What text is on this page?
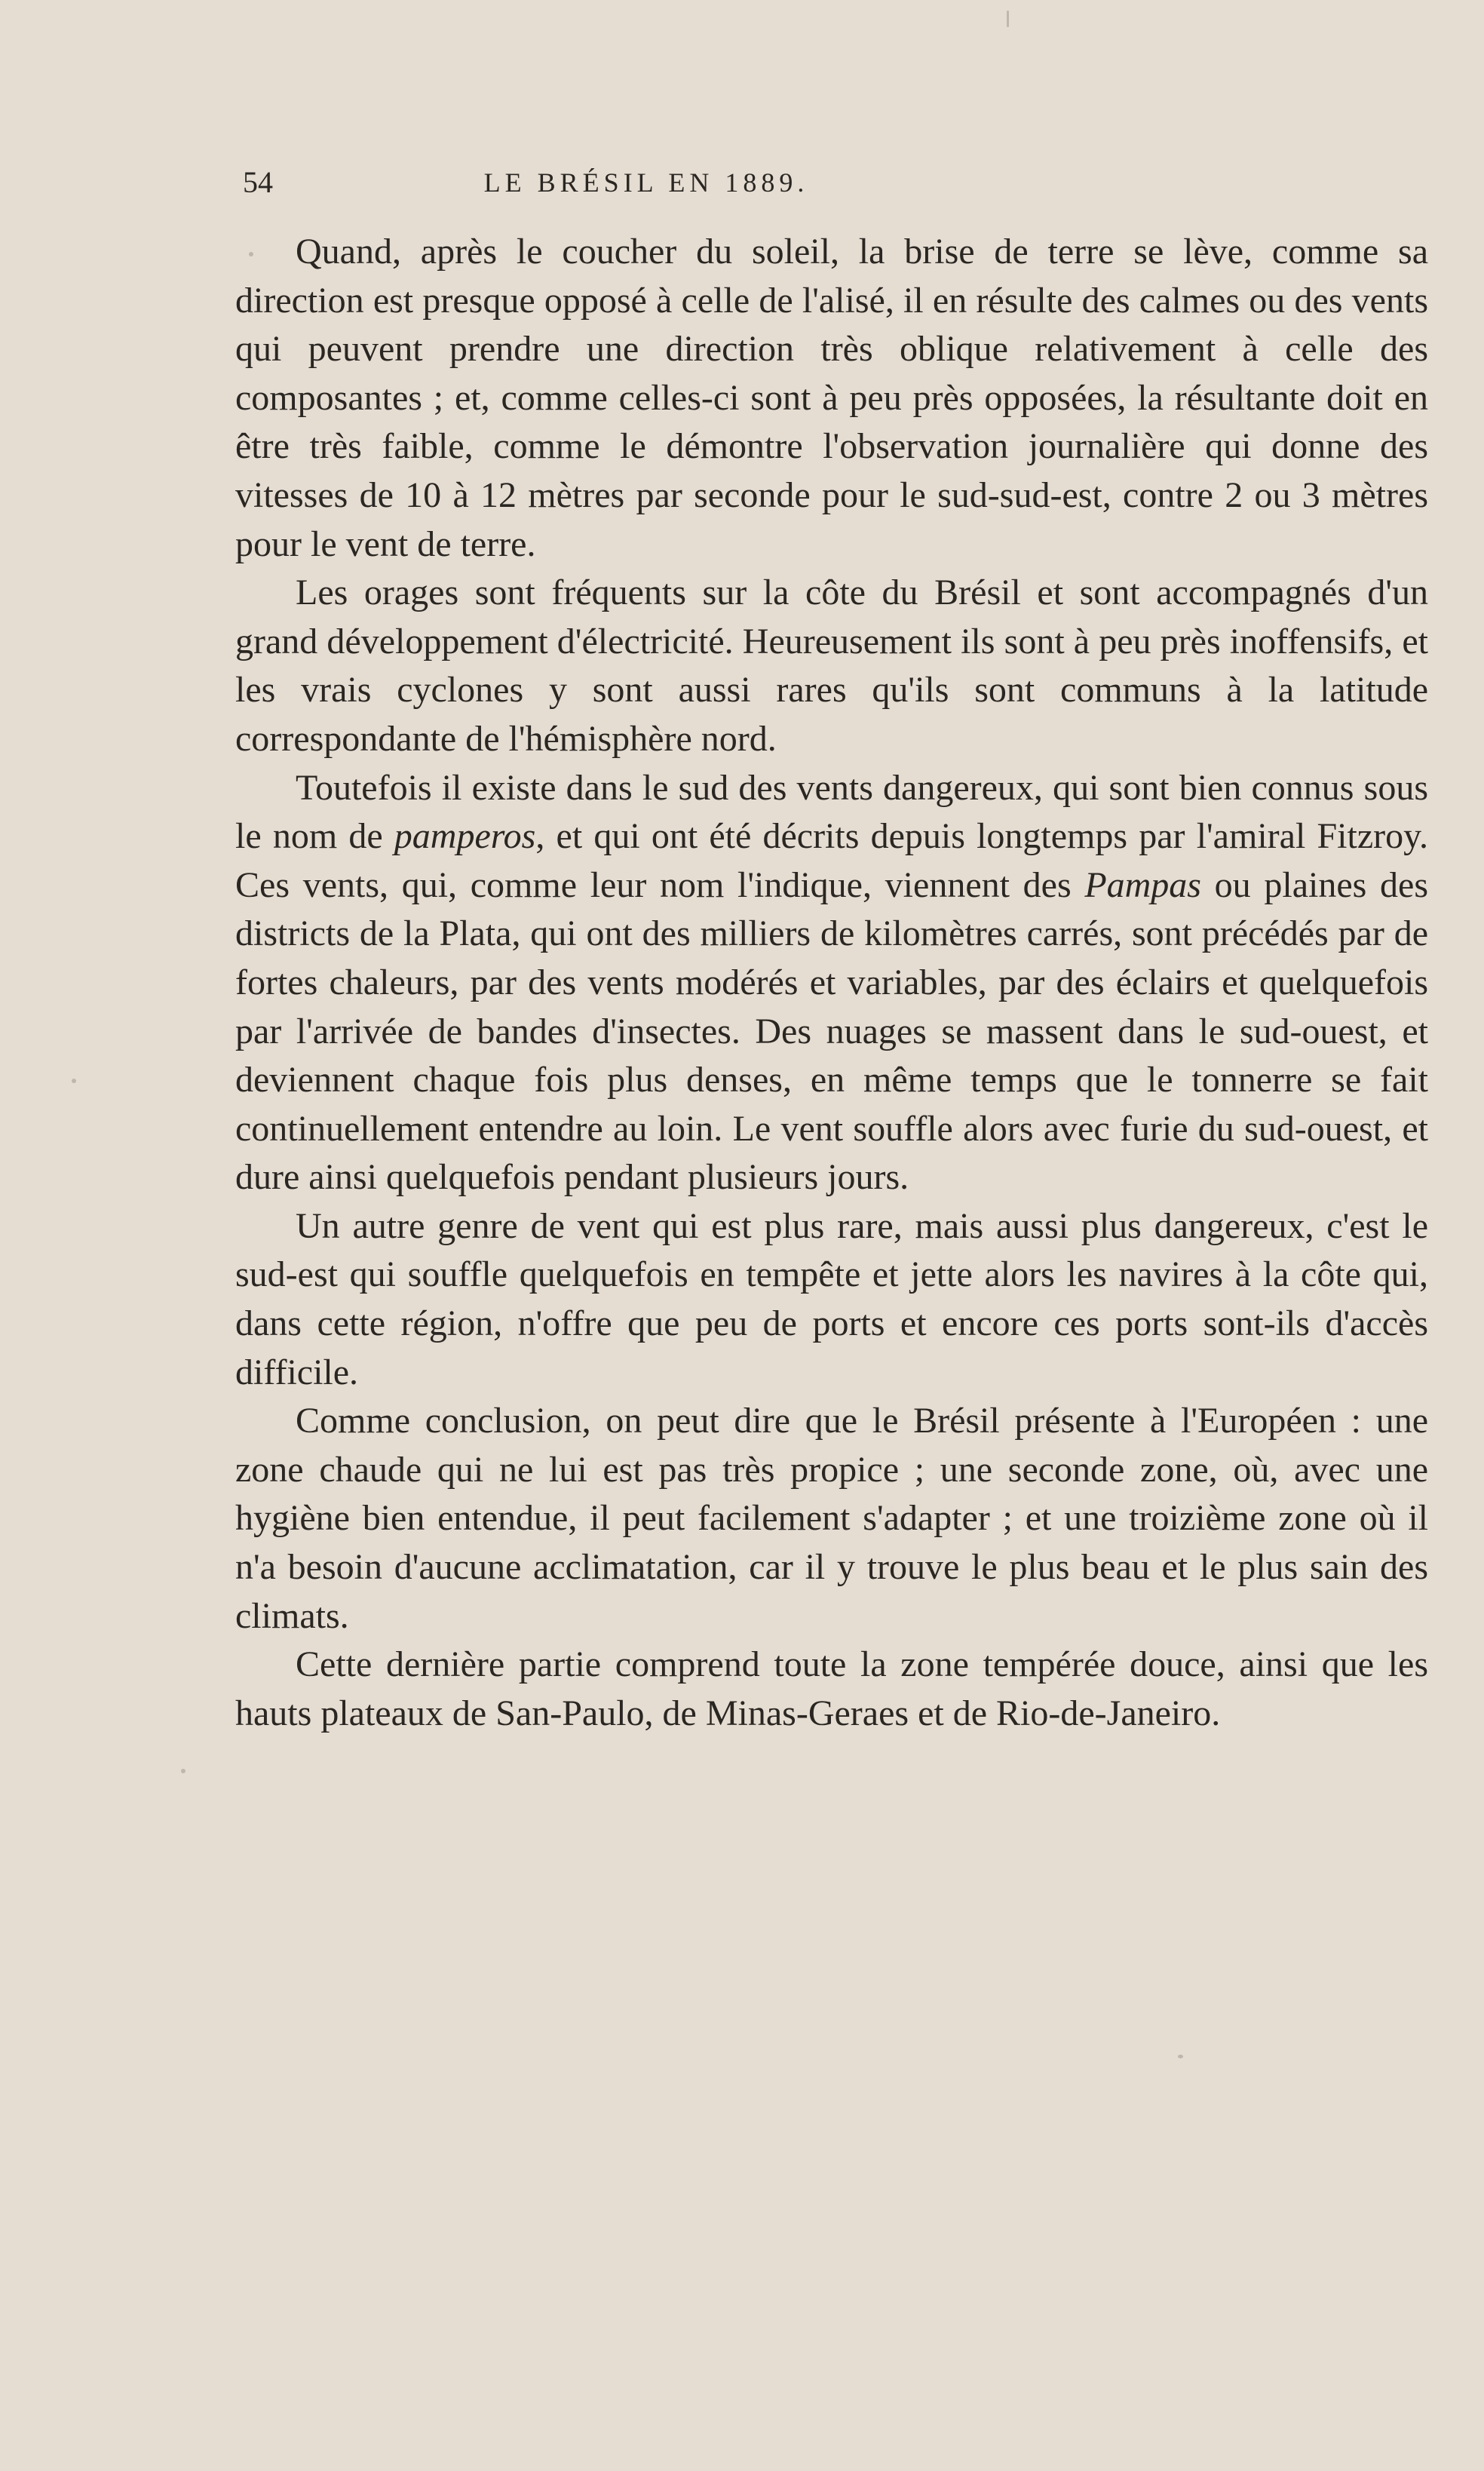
54	LE BRÉSIL EN 1889.

Quand, après le coucher du soleil, la brise de terre se lève, comme sa direction est presque opposé à celle de l'alisé, il en résulte des calmes ou des vents qui peuvent prendre une direction très oblique relativement à celle des composantes ; et, comme celles-ci sont à peu près opposées, la résultante doit en être très faible, comme le démontre l'observation journalière qui donne des vitesses de 10 à 12 mètres par seconde pour le sud-sud-est, contre 2 ou 3 mètres pour le vent de terre.

Les orages sont fréquents sur la côte du Brésil et sont accompagnés d'un grand développement d'électricité. Heureusement ils sont à peu près inoffensifs, et les vrais cyclones y sont aussi rares qu'ils sont communs à la latitude correspondante de l'hémisphère nord.

Toutefois il existe dans le sud des vents dangereux, qui sont bien connus sous le nom de pamperos, et qui ont été décrits depuis longtemps par l'amiral Fitzroy. Ces vents, qui, comme leur nom l'indique, viennent des Pampas ou plaines des districts de la Plata, qui ont des milliers de kilomètres carrés, sont précédés par de fortes chaleurs, par des vents modérés et variables, par des éclairs et quelquefois par l'arrivée de bandes d'insectes. Des nuages se massent dans le sud-ouest, et deviennent chaque fois plus denses, en même temps que le tonnerre se fait continuellement entendre au loin. Le vent souffle alors avec furie du sud-ouest, et dure ainsi quelquefois pendant plusieurs jours.

Un autre genre de vent qui est plus rare, mais aussi plus dangereux, c'est le sud-est qui souffle quelquefois en tempête et jette alors les navires à la côte qui, dans cette région, n'offre que peu de ports et encore ces ports sont-ils d'accès difficile.

Comme conclusion, on peut dire que le Brésil présente à l'Européen : une zone chaude qui ne lui est pas très propice ; une seconde zone, où, avec une hygiène bien entendue, il peut facilement s'adapter ; et une troizième zone où il n'a besoin d'aucune acclimatation, car il y trouve le plus beau et le plus sain des climats.

Cette dernière partie comprend toute la zone tempérée douce, ainsi que les hauts plateaux de San-Paulo, de Minas-Geraes et de Rio-de-Janeiro.
